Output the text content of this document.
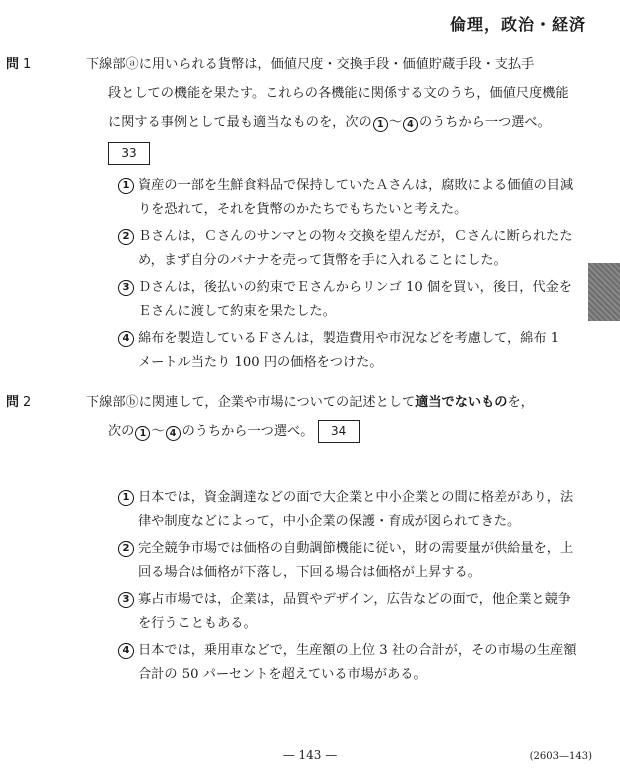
倫理，政治・経済
問 1	下線部ⓐに用いられる貨幣は，価値尺度・交換手段・価値貯蔵手段・支払手
段としての機能を果たす。これらの各機能に関係する文のうち，価値尺度機能
に関する事例として最も適当なものを，次の 1 〜 4 のうちから一つ選べ。
33
1 資産の一部を生鮮食料品で保持していたＡさんは，腐敗による価値の目減
りを恐れて，それを貨幣のかたちでもちたいと考えた。
2 Ｂさんは，Ｃさんのサンマとの物々交換を望んだが，Ｃさんに断られたた
め，まず自分のバナナを売って貨幣を手に入れることにした。
3 Ｄさんは，後払いの約束でＥさんからリンゴ 10 個を買い，後日，代金を
Ｅさんに渡して約束を果たした。
4 綿布を製造しているＦさんは，製造費用や市況などを考慮して，綿布 1
メートル当たり 100 円の価格をつけた。
問 2	下線部ⓑに関連して，企業や市場についての記述として適当でないものを，
次の 1 〜 4 のうちから一つ選べ。 34
1 日本では，資金調達などの面で大企業と中小企業との間に格差があり，法
律や制度などによって，中小企業の保護・育成が図られてきた。
2 完全競争市場では価格の自動調節機能に従い，財の需要量が供給量を，上
回る場合は価格が下落し，下回る場合は価格が上昇する。
3 寡占市場では，企業は，品質やデザイン，広告などの面で，他企業と競争
を行うこともある。
4 日本では，乗用車などで，生産額の上位 3 社の合計が，その市場の生産額
合計の 50 パーセントを超えている市場がある。
— 143 —	(2603—143)
